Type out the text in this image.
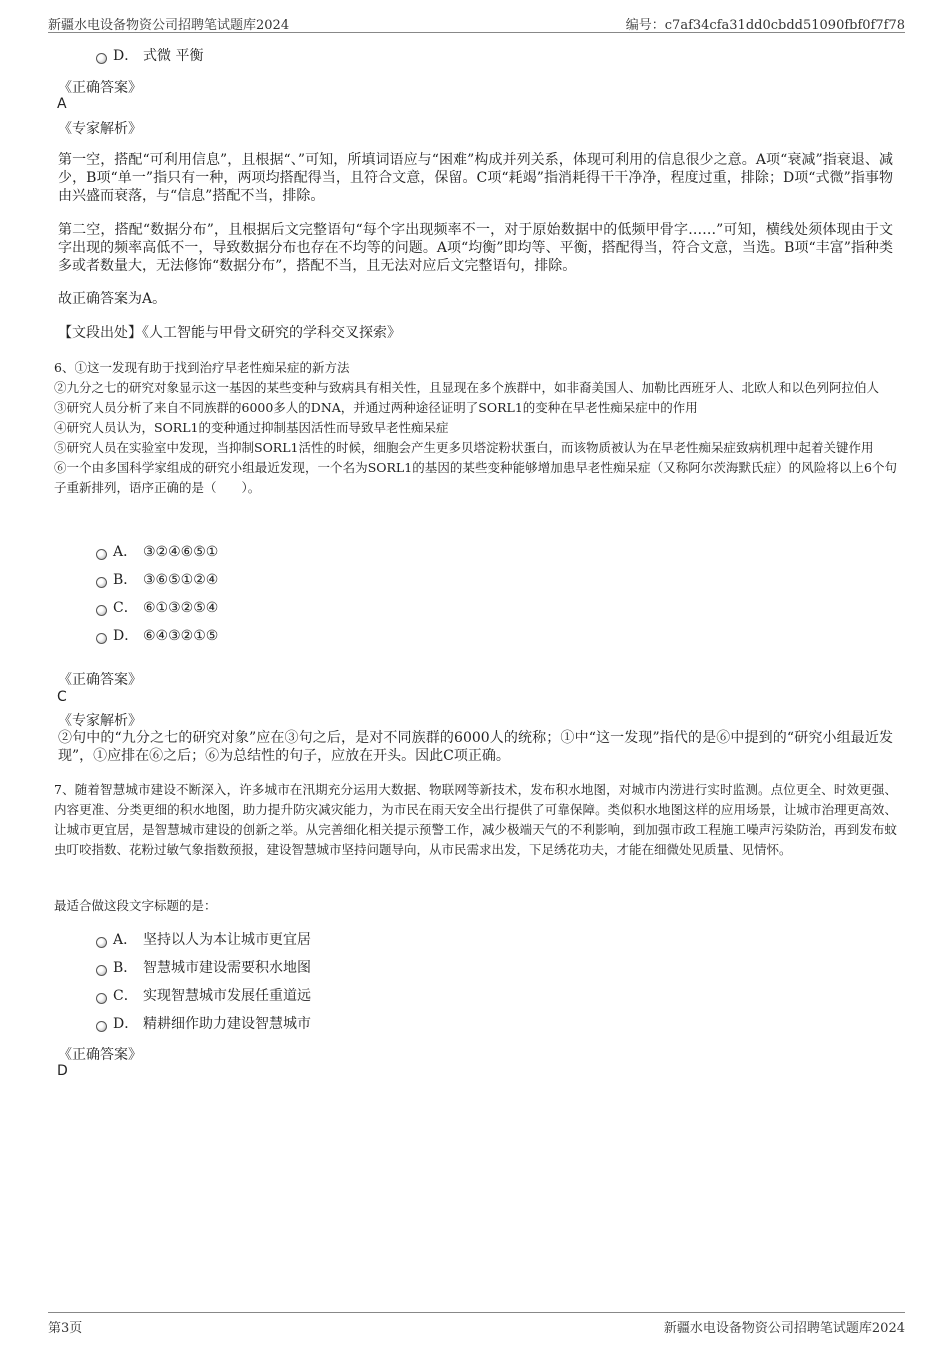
新疆水电设备物资公司招聘笔试题库2024	编号：c7af34cfa31dd0cbdd51090fbf0f7f78
D． 式微 平衡
《正确答案》
A
《专家解析》
第一空，搭配“可利用信息”，且根据“、”可知，所填词语应与“困难”构成并列关系，体现可利用的信息很少之意。A项“衰减”指衰退、减少，B项“单一”指只有一种，两项均搭配得当，且符合文意，保留。C项“耗竭”指消耗得干干净净，程度过重，排除；D项“式微”指事物由兴盛而衰落，与“信息”搭配不当，排除。
第二空，搭配“数据分布”，且根据后文完整语句“每个字出现频率不一，对于原始数据中的低频甲骨字……”可知，横线处须体现由于文字出现的频率高低不一，导致数据分布也存在不均等的问题。A项“均衡”即均等、平衡，搭配得当，符合文意，当选。B项“丰富”指种类多或者数量大，无法修饰“数据分布”，搭配不当，且无法对应后文完整语句，排除。
故正确答案为A。
【文段出处】《人工智能与甲骨文研究的学科交叉探索》
6、①这一发现有助于找到治疗早老性痴呆症的新方法
②九分之七的研究对象显示这一基因的某些变种与致病具有相关性，且显现在多个族群中，如非裔美国人、加勒比西班牙人、北欧人和以色列阿拉伯人
③研究人员分析了来自不同族群的6000多人的DNA，并通过两种途径证明了SORL1的变种在早老性痴呆症中的作用
④研究人员认为，SORL1的变种通过抑制基因活性而导致早老性痴呆症
⑤研究人员在实验室中发现，当抑制SORL1活性的时候，细胞会产生更多贝塔淀粉状蛋白，而该物质被认为在早老性痴呆症致病机理中起着关键作用
⑥一个由多国科学家组成的研究小组最近发现，一个名为SORL1的基因的某些变种能够增加患早老性痴呆症（又称阿尔茨海默氏症）的风险将以上6个句子重新排列，语序正确的是（　　）。
A． ③②④⑥⑤①
B． ③⑥⑤①②④
C． ⑥①③②⑤④
D． ⑥④③②①⑤
《正确答案》
C
《专家解析》
②句中的“九分之七的研究对象”应在③句之后，是对不同族群的6000人的统称；①中“这一发现”指代的是⑥中提到的“研究小组最近发现”，①应排在⑥之后；⑥为总结性的句子，应放在开头。因此C项正确。
7、随着智慧城市建设不断深入，许多城市在汛期充分运用大数据、物联网等新技术，发布积水地图，对城市内涝进行实时监测。点位更全、时效更强、内容更准、分类更细的积水地图，助力提升防灾减灾能力，为市民在雨天安全出行提供了可靠保障。类似积水地图这样的应用场景，让城市治理更高效、让城市更宜居，是智慧城市建设的创新之举。从完善细化相关提示预警工作，减少极端天气的不利影响，到加强市政工程施工噪声污染防治，再到发布蚊虫叮咬指数、花粉过敏气象指数预报，建设智慧城市坚持问题导向，从市民需求出发，下足绣花功夫，才能在细微处见质量、见情怀。
最适合做这段文字标题的是：
A． 坚持以人为本让城市更宜居
B． 智慧城市建设需要积水地图
C． 实现智慧城市发展任重道远
D． 精耕细作助力建设智慧城市
《正确答案》
D
第3页	新疆水电设备物资公司招聘笔试题库2024
